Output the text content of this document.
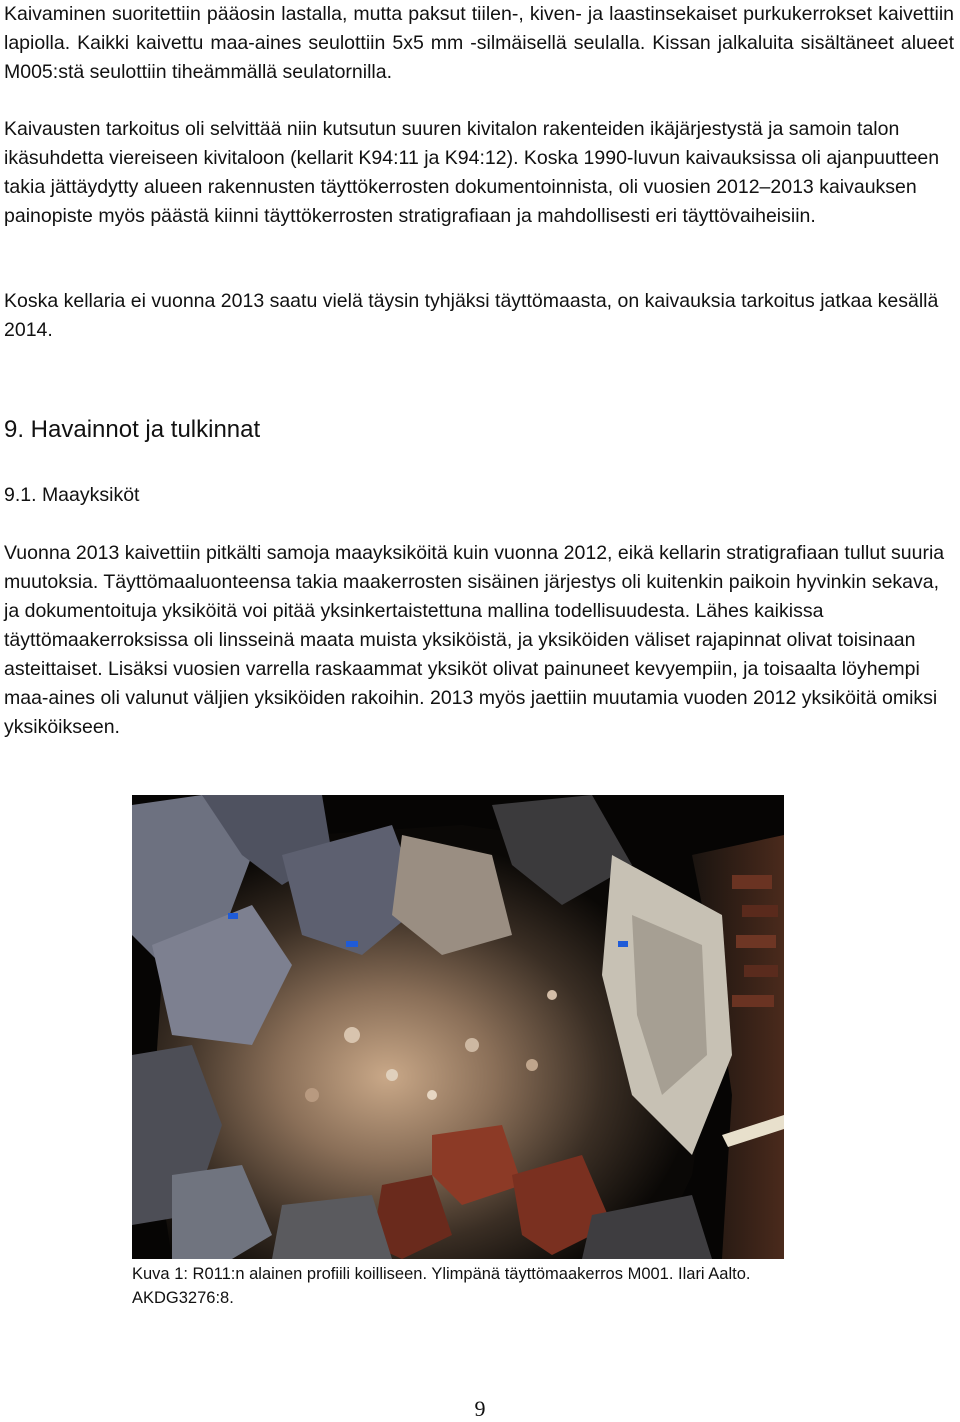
Kaivaminen suoritettiin pääosin lastalla, mutta paksut tiilen-, kiven- ja laastinsekaiset purkukerrokset kaivettiin lapiolla. Kaikki kaivettu maa-aines seulottiin 5x5 mm -silmäisellä seulalla. Kissan jalkaluita sisältäneet alueet M005:stä seulottiin tiheämmällä seulatornilla.

Kaivausten tarkoitus oli selvittää niin kutsutun suuren kivitalon rakenteiden ikäjärjestystä ja samoin talon ikäsuhdetta viereiseen kivitaloon (kellarit K94:11 ja K94:12). Koska 1990-luvun kaivauksissa oli ajanpuutteen takia jättäydytty alueen rakennusten täyttökerrosten dokumentoinnista, oli vuosien 2012–2013 kaivauksen painopiste myös päästä kiinni täyttökerrosten stratigrafiaan ja mahdollisesti eri täyttövaiheisiin.

Koska kellaria ei vuonna 2013 saatu vielä täysin tyhjäksi täyttömaasta, on kaivauksia tarkoitus jatkaa kesällä 2014.

9. Havainnot ja tulkinnat
9.1. Maayksiköt

Vuonna 2013 kaivettiin pitkälti samoja maayksiköitä kuin vuonna 2012, eikä kellarin stratigrafiaan tullut suuria muutoksia. Täyttömaaluonteensa takia maakerrosten sisäinen järjestys oli kuitenkin paikoin hyvinkin sekava, ja dokumentoituja yksiköitä voi pitää yksinkertaistettuna mallina todellisuudesta. Lähes kaikissa täyttömaakerroksissa oli linsseinä maata muista yksiköistä, ja yksiköiden väliset rajapinnat olivat toisinaan asteittaiset. Lisäksi vuosien varrella raskaammat yksiköt olivat painuneet kevyempiin, ja toisaalta löyhempi maa-aines oli valunut väljien yksiköiden rakoihin. 2013 myös jaettiin muutamia vuoden 2012 yksiköitä omiksi yksiköikseen.

Kuva 1: R011:n alainen profiili koilliseen. Ylimpänä täyttömaakerros M001. Ilari Aalto. AKDG3276:8.

9
